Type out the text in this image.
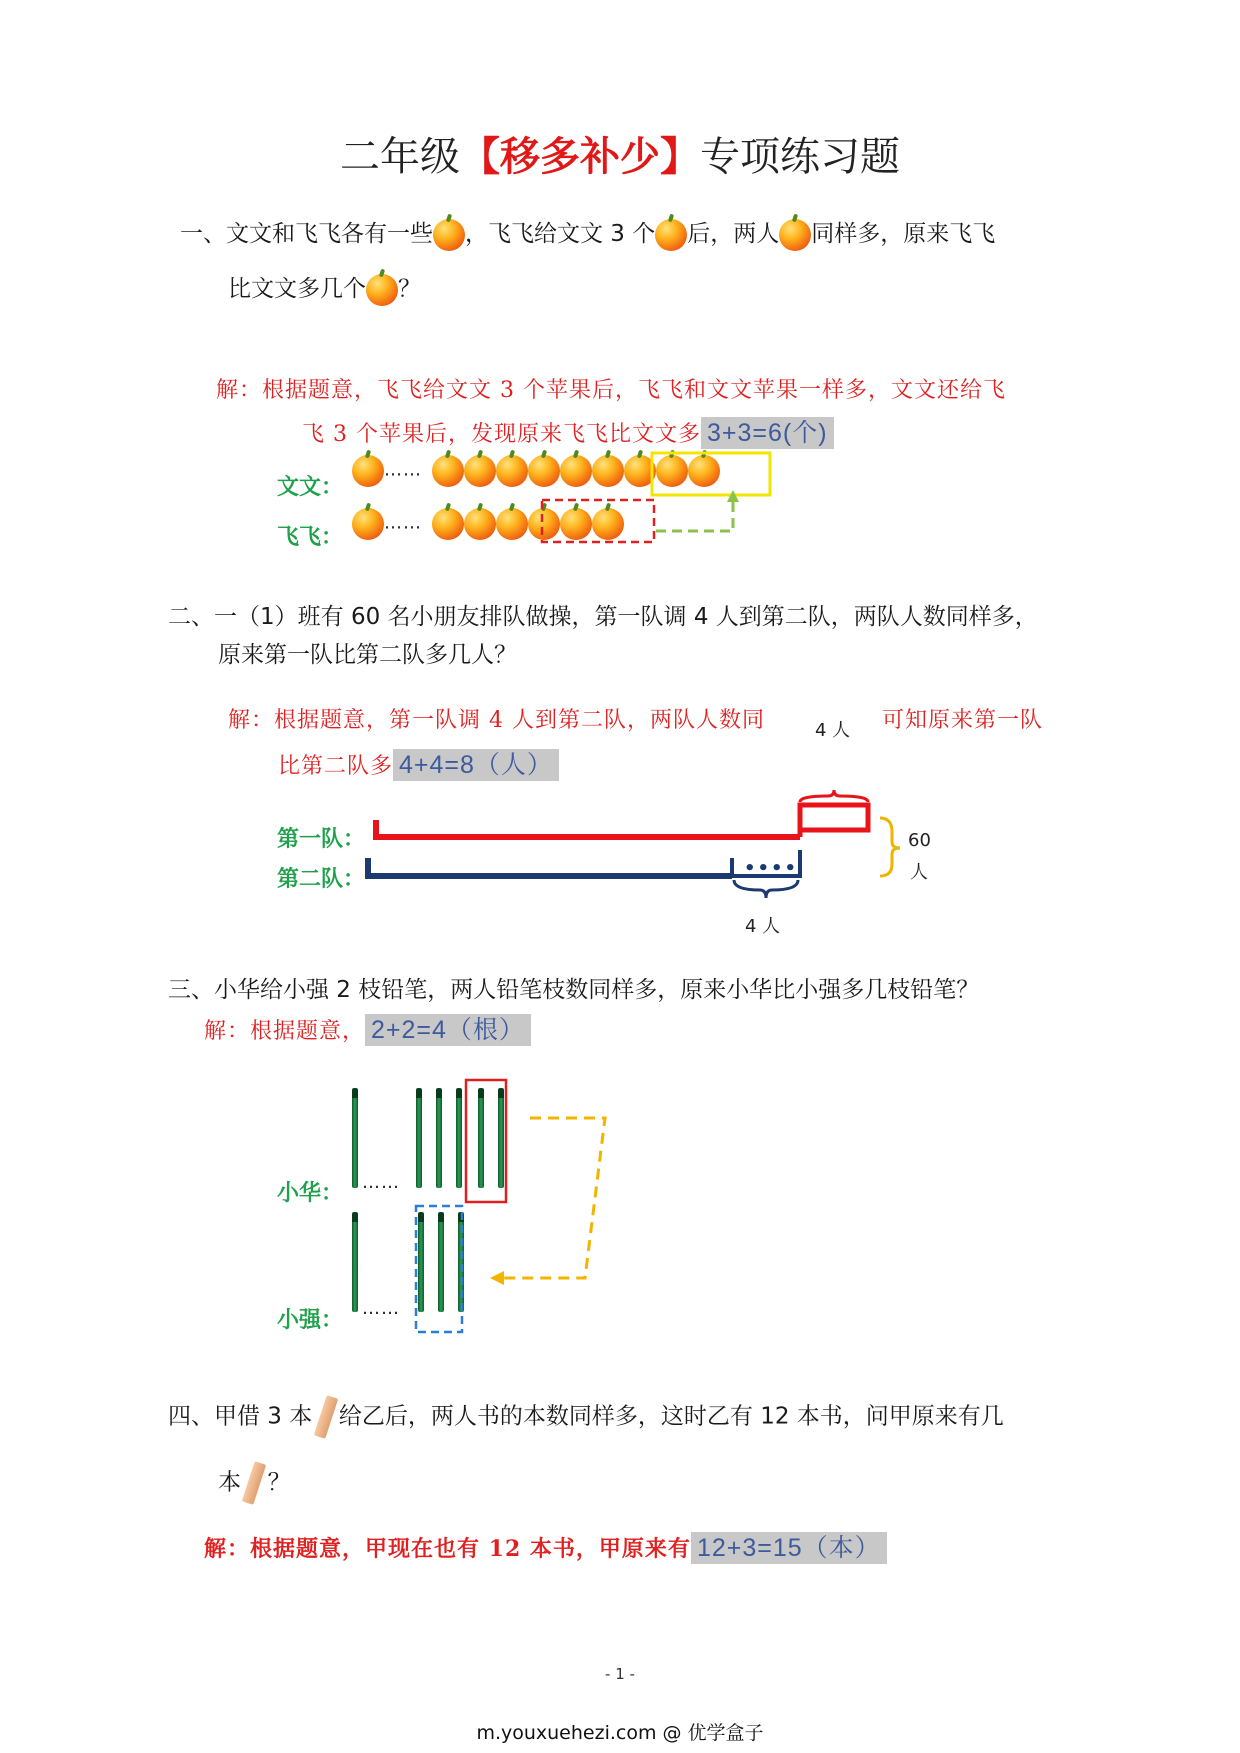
二年级【移多补少】专项练习题
一、文文和飞飞各有一些 ，飞飞给文文 3 个 后，两人 同样多，原来飞飞
比文文多几个 ？
解：根据题意，飞飞给文文 3 个苹果后，飞飞和文文苹果一样多，文文还给飞
飞 3 个苹果后，发现原来飞飞比文文多 3+3=6(个)
文文：
飞飞：
……
……
二、一（1）班有 60 名小朋友排队做操，第一队调 4 人到第二队，两队人数同样多，
原来第一队比第二队多几人？
解：根据题意，第一队调 4 人到第二队，两队人数同	4 人 可知原来第一队
比第二队多 4+4=8（人）
第一队：
第二队：	••••
60
人
4 人
三、小华给小强 2 枝铅笔，两人铅笔枝数同样多，原来小华比小强多几枝铅笔？
解：根据题意， 2+2=4（根）
小华：
小强：
……
……
四、甲借 3 本 给乙后，两人书的本数同样多，这时乙有 12 本书，问甲原来有几
本 ？
解：根据题意，甲现在也有 12 本书，甲原来有 12+3=15（本）
- 1 -
m.youxuehezi.com @ 优学盒子
